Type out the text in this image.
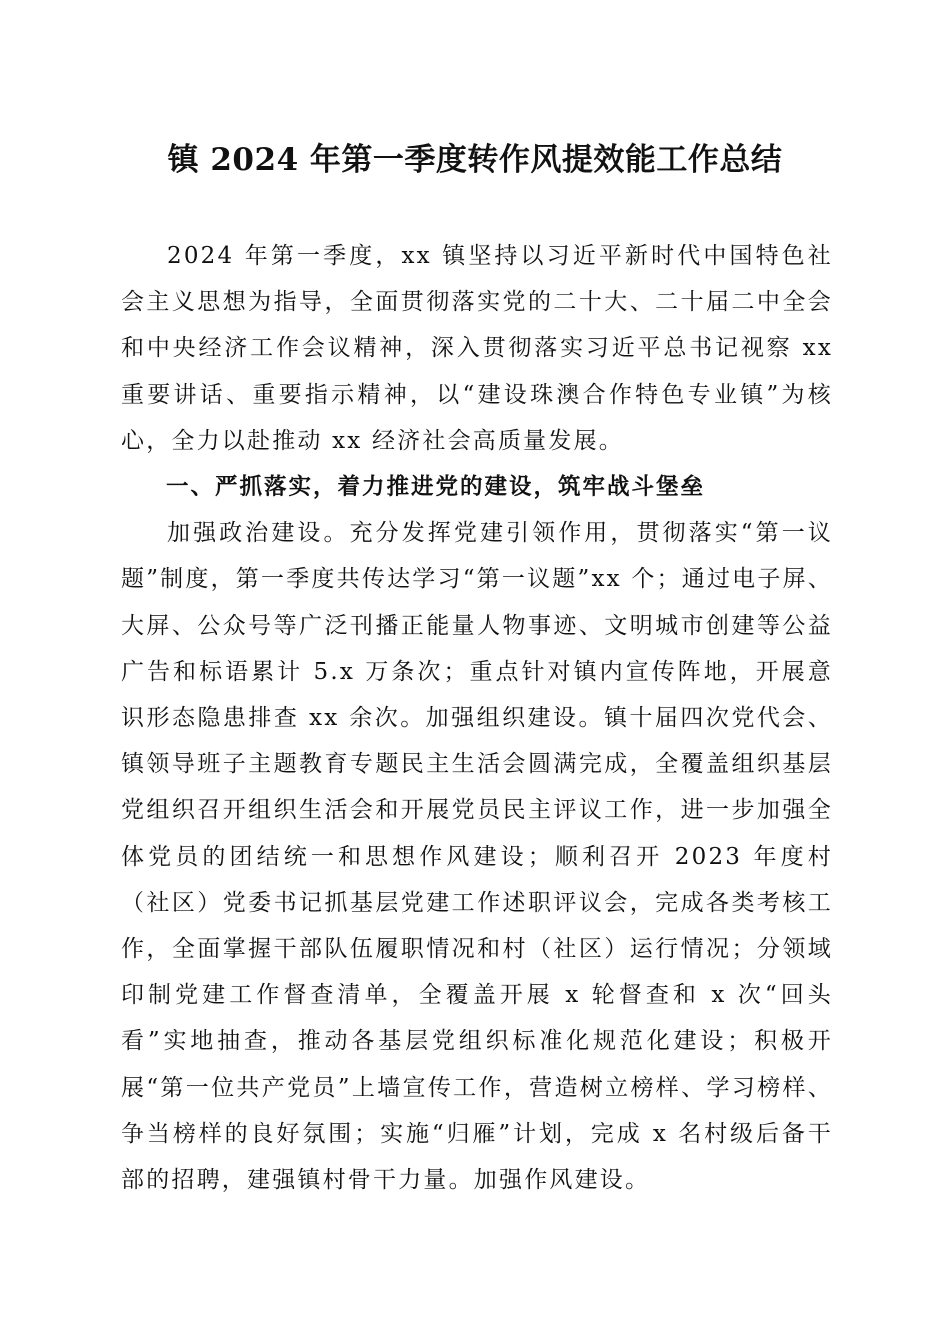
镇 2024 年第一季度转作风提效能工作总结

2024 年第一季度，xx 镇坚持以习近平新时代中国特色社会主义思想为指导，全面贯彻落实党的二十大、二十届二中全会和中央经济工作会议精神，深入贯彻落实习近平总书记视察 xx 重要讲话、重要指示精神，以“建设珠澳合作特色专业镇”为核心，全力以赴推动 xx 经济社会高质量发展。

一、严抓落实，着力推进党的建设，筑牢战斗堡垒

加强政治建设。充分发挥党建引领作用，贯彻落实“第一议题”制度，第一季度共传达学习“第一议题”xx 个；通过电子屏、大屏、公众号等广泛刊播正能量人物事迹、文明城市创建等公益广告和标语累计 5.x 万条次；重点针对镇内宣传阵地，开展意识形态隐患排查 xx 余次。加强组织建设。镇十届四次党代会、镇领导班子主题教育专题民主生活会圆满完成，全覆盖组织基层党组织召开组织生活会和开展党员民主评议工作，进一步加强全体党员的团结统一和思想作风建设；顺利召开 2023 年度村（社区）党委书记抓基层党建工作述职评议会，完成各类考核工作，全面掌握干部队伍履职情况和村（社区）运行情况；分领域印制党建工作督查清单，全覆盖开展 x 轮督查和 x 次“回头看”实地抽查，推动各基层党组织标准化规范化建设；积极开展“第一位共产党员”上墙宣传工作，营造树立榜样、学习榜样、争当榜样的良好氛围；实施“归雁”计划，完成 x 名村级后备干部的招聘，建强镇村骨干力量。加强作风建设。
